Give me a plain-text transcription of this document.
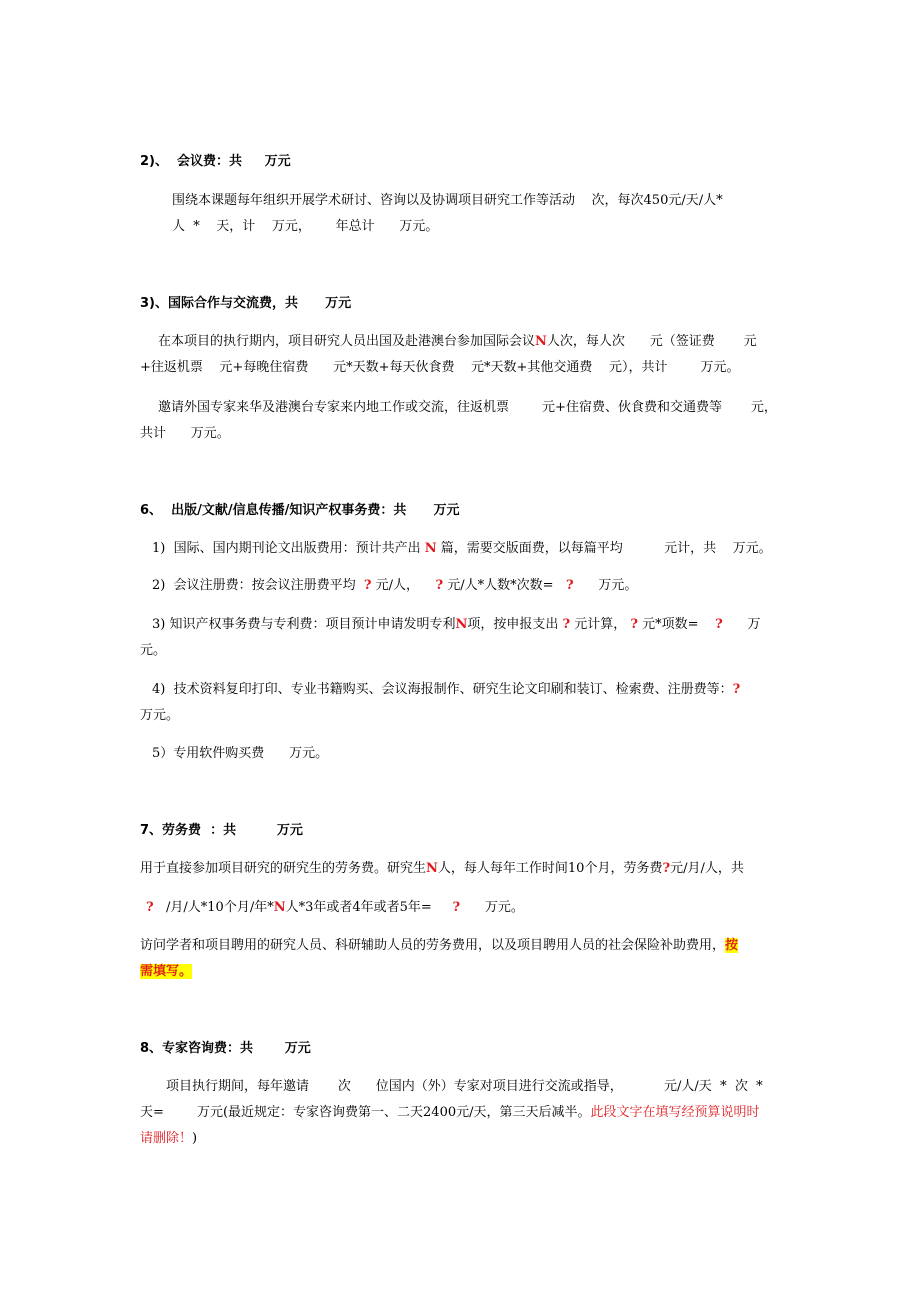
2)、  会议费：共     万元
围绕本课题每年组织开展学术研讨、咨询以及协调项目研究工作等活动    次，每次450元/天/人*
人  *    天，计    万元，      年总计      万元。
3)、国际合作与交流费，共      万元
在本项目的执行期内，项目研究人员出国及赴港澳台参加国际会议N人次，每人次      元（签证费       元
+往返机票    元+每晚住宿费      元*天数+每天伙食费    元*天数+其他交通费    元），共计        万元。
邀请外国专家来华及港澳台专家来内地工作或交流，往返机票        元+住宿费、伙食费和交通费等       元，
共计      万元。
6、  出版/文献/信息传播/知识产权事务费：共      万元
1)  国际、国内期刊论文出版费用：预计共产出 N 篇，需要交版面费，以每篇平均          元计，共    万元。
2)  会议注册费：按会议注册费平均  ? 元/人，    ? 元/人*人数*次数=   ?      万元。
3) 知识产权事务费与专利费：项目预计申请发明专利N项，按申报支出 ? 元计算， ? 元*项数=    ?      万
元。
4)  技术资料复印打印、专业书籍购买、会议海报制作、研究生论文印刷和装订、检索费、注册费等：?
万元。
5）专用软件购买费      万元。
7、劳务费  ：共         万元
用于直接参加项目研究的研究生的劳务费。研究生N人，每人每年工作时间10个月，劳务费?元/月/人，共
?   /月/人*10个月/年*N人*3年或者4年或者5年=     ?      万元。
访问学者和项目聘用的研究人员、科研辅助人员的劳务费用，以及项目聘用人员的社会保险补助费用，按
需填写。
8、专家咨询费：共       万元
项目执行期间，每年邀请       次      位国内（外）专家对项目进行交流或指导，          元/人/天  *  次  *
天=        万元(最近规定：专家咨询费第一、二天2400元/天，第三天后减半。此段文字在填写经预算说明时
请删除！)
